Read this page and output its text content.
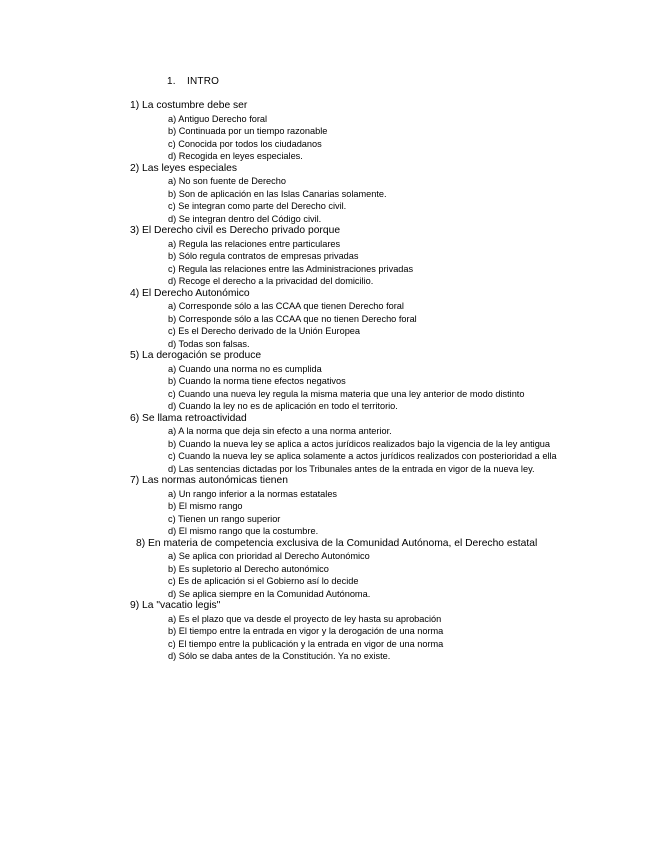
1. INTRO
1) La costumbre debe ser
a) Antiguo Derecho foral
b) Continuada por un tiempo razonable
c) Conocida por todos los ciudadanos
d) Recogida en leyes especiales.
2) Las leyes especiales
a) No son fuente de Derecho
b) Son de aplicación en las Islas Canarias solamente.
c) Se integran como parte del Derecho civil.
d) Se integran dentro del Código civil.
3) El Derecho civil es Derecho privado porque
a) Regula las relaciones entre particulares
b) Sólo regula contratos de empresas privadas
c) Regula las relaciones entre las Administraciones privadas
d) Recoge el derecho a la privacidad del domicilio.
4) El Derecho Autonómico
a) Corresponde sólo a las CCAA que tienen Derecho foral
b) Corresponde sólo a las CCAA que no tienen Derecho foral
c) Es el Derecho derivado de la Unión Europea
d) Todas son falsas.
5) La derogación se produce
a) Cuando una norma no es cumplida
b) Cuando la norma tiene efectos negativos
c) Cuando una nueva ley regula la misma materia que una ley anterior de modo distinto
d) Cuando la ley no es de aplicación en todo el territorio.
6) Se llama retroactividad
a) A la norma que deja sin efecto a una norma anterior.
b) Cuando la nueva ley se aplica a actos jurídicos realizados bajo la vigencia de la ley antigua
c) Cuando la nueva ley se aplica solamente a actos jurídicos realizados con posterioridad a ella
d) Las sentencias dictadas por los Tribunales antes de la entrada en vigor de la nueva ley.
7) Las normas autonómicas tienen
a) Un rango inferior a la normas estatales
b) El mismo rango
c) Tienen un rango superior
d) El mismo rango que la costumbre.
8) En materia de competencia exclusiva de la Comunidad Autónoma, el Derecho estatal
a) Se aplica con prioridad al Derecho Autonómico
b) Es supletorio al Derecho autonómico
c) Es de aplicación si el Gobierno así lo decide
d) Se aplica siempre en la Comunidad Autónoma.
9) La "vacatio legis"
a) Es el plazo que va desde el proyecto de ley hasta su aprobación
b) El tiempo entre la entrada en vigor y la derogación de una norma
c) El tiempo entre la publicación y la entrada en vigor de una norma
d) Sólo se daba antes de la Constitución. Ya no existe.
